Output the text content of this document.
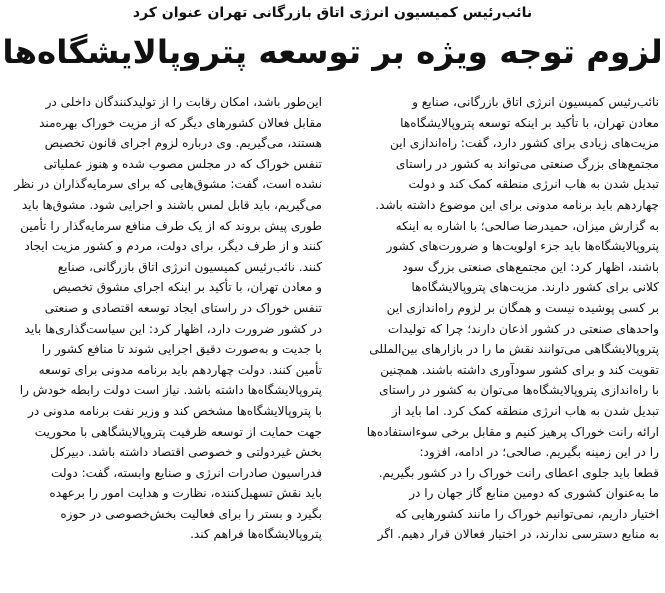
نائب‌رئیس کمیسیون انرژی اتاق بازرگانی تهران عنوان کرد
لزوم توجه ویژه بر توسعه پتروپالایشگاه‌ها
نائب‌رئیس کمیسیون انرژی اتاق بازرگانی، صنایع و
معادن تهران، با تأکید بر اینکه توسعه پتروپالایشگاه‌ها
مزیت‌های زیادی برای کشور دارد، گفت: راه‌اندازی این
مجتمع‌های بزرگ صنعتی می‌تواند به کشور در راستای
تبدیل شدن به هاب انرژی منطقه کمک کند و دولت
چهاردهم باید برنامه مدونی برای این موضوع داشته باشد.
به گزارش میزان، حمیدرضا صالحی؛ با اشاره به اینکه
پتروپالایشگاه‌ها باید جزء اولویت‌ها و ضرورت‌های کشور
باشند، اظهار کرد: این مجتمع‌های صنعتی بزرگ سود
کلانی برای کشور دارند. مزیت‌های پتروپالایشگاه‌ها
بر کسی پوشیده نیست و همگان بر لزوم راه‌اندازی این
واحدهای صنعتی در کشور اذعان دارند؛ چرا که تولیدات
پتروپالایشگاهی می‌توانند نقش ما را در بازارهای بین‌المللی
تقویت کند و برای کشور سودآوری داشته باشند. همچنین
با راه‌اندازی پتروپالایشگاه‌ها می‌توان به کشور در راستای
تبدیل شدن به هاب انرژی منطقه کمک کرد. اما باید از
ارائه رانت خوراک پرهیز کنیم و مقابل برخی سوءاستفاده‌ها
را در این زمینه بگیریم. صالحی؛ در ادامه، افزود:
قطعا باید جلوی اعطای رانت خوراک را در کشور بگیریم.
ما به‌عنوان کشوری که دومین منابع گاز جهان را در
اختیار داریم، نمی‌توانیم خوراک را مانند کشورهایی که
به منابع دسترسی ندارند، در اختیار فعالان قرار دهیم. اگر
این‌طور باشد، امکان رقابت را از تولیدکنندگان داخلی در
مقابل فعالان کشورهای دیگر که از مزیت خوراک بهره‌مند
هستند، می‌گیریم. وی درباره لزوم اجرای قانون تخصیص
تنفس خوراک که در مجلس مصوب شده و هنوز عملیاتی
نشده است، گفت: مشوق‌هایی که برای سرمایه‌گذاران در نظر
می‌گیریم، باید قابل لمس باشند و اجرایی شود. مشوق‌ها باید
طوری پیش بروند که از یک طرف منافع سرمایه‌گذار را تأمین
کنند و از طرف دیگر، برای دولت، مردم و کشور مزیت ایجاد
کنند. نائب‌رئیس کمیسیون انرژی اتاق بازرگانی، صنایع
و معادن تهران، با تأکید بر اینکه اجرای مشوق تخصیص
تنفس خوراک در راستای ایجاد توسعه اقتصادی و صنعتی
در کشور ضرورت دارد، اظهار کرد: این سیاست‌گذاری‌ها باید
با جدیت و به‌صورت دقیق اجرایی شوند تا منافع کشور را
تأمین کنند. دولت چهاردهم باید برنامه مدونی برای توسعه
پتروپالایشگاه‌ها داشته باشد. نیاز است دولت رابطه خودش را
با پتروپالایشگاه‌ها مشخص کند و وزیر نفت برنامه مدونی در
جهت حمایت از توسعه ظرفیت پتروپالایشگاهی با محوریت
بخش غیردولتی و خصوصی اقتصاد داشته باشد. دبیرکل
فدراسیون صادرات انرژی و صنایع وابسته، گفت: دولت
باید نقش تسهیل‌کننده، نظارت و هدایت امور را برعهده
بگیرد و بستر را برای فعالیت بخش‌خصوصی در حوزه
پتروپالایشگاه‌ها فراهم کند.
